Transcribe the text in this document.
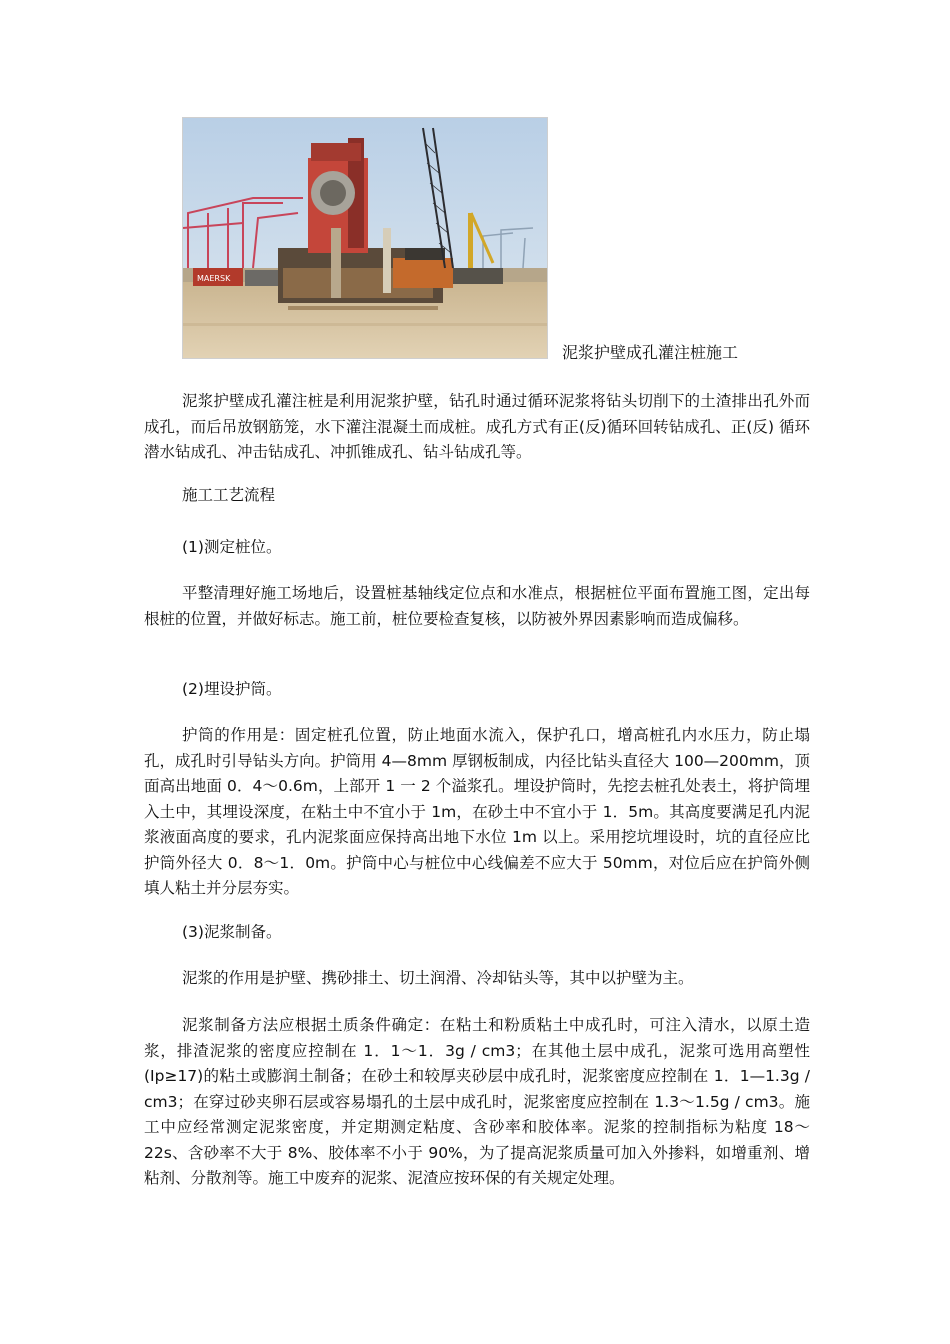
MAERSK
泥浆护壁成孔灌注桩施工

泥浆护壁成孔灌注桩是利用泥浆护壁，钻孔时通过循环泥浆将钻头切削下的土渣排出孔外而成孔，而后吊放钢筋笼，水下灌注混凝土而成桩。成孔方式有正(反)循环回转钻成孔、正(反) 循环潜水钻成孔、冲击钻成孔、冲抓锥成孔、钻斗钻成孔等。

施工工艺流程

(1)测定桩位。

平整清理好施工场地后，设置桩基轴线定位点和水准点，根据桩位平面布置施工图，定出每根桩的位置，并做好标志。施工前，桩位要检查复核，以防被外界因素影响而造成偏移。

(2)埋设护筒。

护筒的作用是：固定桩孔位置，防止地面水流入，保护孔口，增高桩孔内水压力，防止塌孔，成孔时引导钻头方向。护筒用 4—8mm 厚钢板制成，内径比钻头直径大 100—200mm，顶面高出地面 0．4～0.6m，上部开 1 一 2 个溢浆孔。埋设护筒时，先挖去桩孔处表土，将护筒埋入土中，其埋设深度，在粘土中不宜小于 1m，在砂土中不宜小于 1．5m。其高度要满足孔内泥浆液面高度的要求，孔内泥浆面应保持高出地下水位 1m 以上。采用挖坑埋设时，坑的直径应比护筒外径大 0．8～1．0m。护筒中心与桩位中心线偏差不应大于 50mm，对位后应在护筒外侧填人粘土并分层夯实。

(3)泥浆制备。

泥浆的作用是护壁、携砂排土、切土润滑、冷却钻头等，其中以护壁为主。

泥浆制备方法应根据土质条件确定：在粘土和粉质粘土中成孔时，可注入清水，以原土造浆，排渣泥浆的密度应控制在 1．1～1．3g / cm3；在其他土层中成孔，泥浆可选用高塑性(Ip≥17)的粘土或膨润土制备；在砂土和较厚夹砂层中成孔时，泥浆密度应控制在 1．1—1.3g / cm3；在穿过砂夹卵石层或容易塌孔的土层中成孔时，泥浆密度应控制在 1.3～1.5g / cm3。施工中应经常测定泥浆密度，并定期测定粘度、含砂率和胶体率。泥浆的控制指标为粘度 18～22s、含砂率不大于 8%、胶体率不小于 90%，为了提高泥浆质量可加入外掺料，如增重剂、增粘剂、分散剂等。施工中废弃的泥浆、泥渣应按环保的有关规定处理。
